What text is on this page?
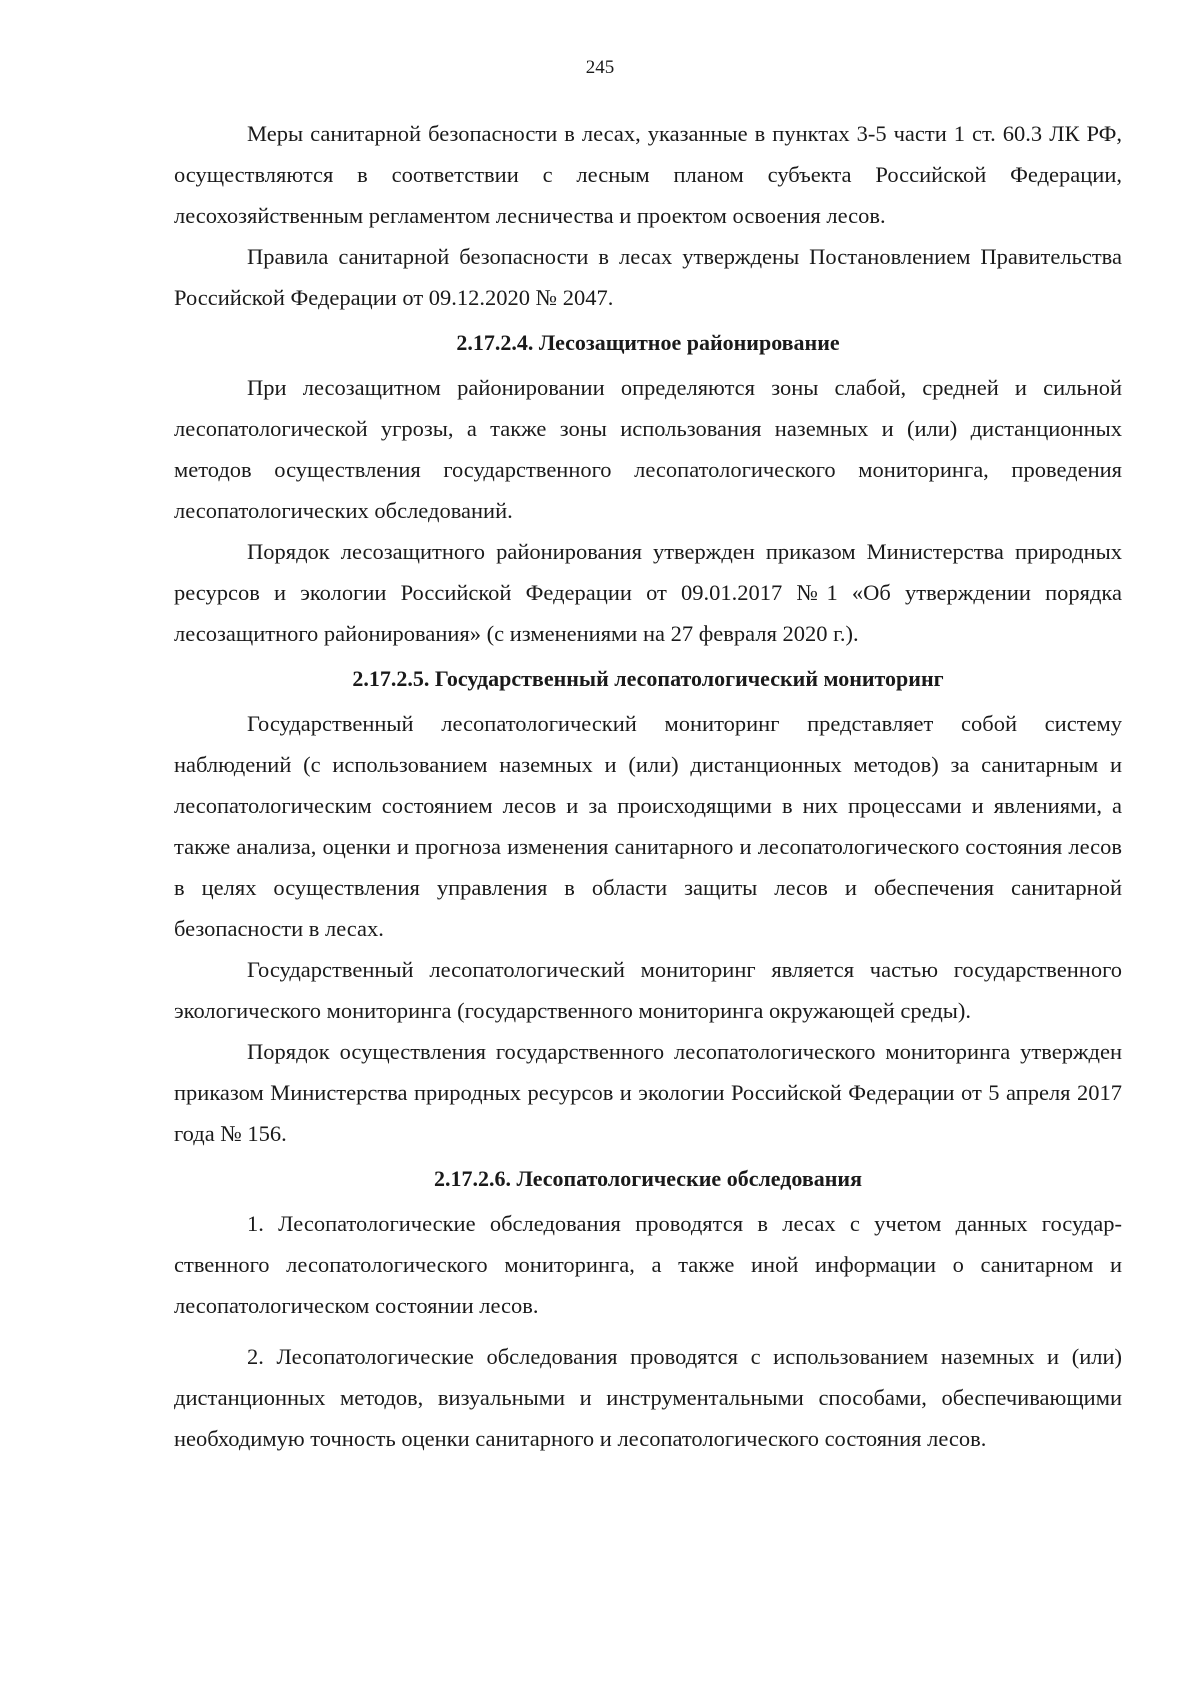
245

Меры санитарной безопасности в лесах, указанные в пунктах 3-5 части 1 ст. 60.3 ЛК РФ, осуществляются в соответствии с лесным планом субъекта Российской Федерации, лесохозяйственным регламентом лесничества и проектом освоения лесов.

Правила санитарной безопасности в лесах утверждены Постановлением Правительства Российской Федерации от 09.12.2020 № 2047.

2.17.2.4. Лесозащитное районирование

При лесозащитном районировании определяются зоны слабой, средней и сильной лесопатологической угрозы, а также зоны использования наземных и (или) дистанционных методов осуществления государственного лесопатологического мониторинга, проведения лесопатологических обследований.

Порядок лесозащитного районирования утвержден приказом Министерства природных ресурсов и экологии Российской Федерации от 09.01.2017 №1 «Об утверждении порядка лесозащитного районирования» (с изменениями на 27 февраля 2020 г.).

2.17.2.5. Государственный лесопатологический мониторинг

Государственный лесопатологический мониторинг представляет собой систему наблюдений (с использованием наземных и (или) дистанционных методов) за санитарным и лесопатологическим состоянием лесов и за происходящими в них процессами и явлениями, а также анализа, оценки и прогноза изменения санитарного и лесопатологического состояния лесов в целях осуществления управления в области защиты лесов и обеспечения санитарной безопасности в лесах.

Государственный лесопатологический мониторинг является частью государственного экологического мониторинга (государственного мониторинга окружающей среды).

Порядок осуществления государственного лесопатологического мониторинга утвержден приказом Министерства природных ресурсов и экологии Российской Федерации от 5 апреля 2017 года № 156.

2.17.2.6. Лесопатологические обследования

1. Лесопатологические обследования проводятся в лесах с учетом данных государственного лесопатологического мониторинга, а также иной информации о санитарном и лесопатологическом состоянии лесов.

2. Лесопатологические обследования проводятся с использованием наземных и (или) дистанционных методов, визуальными и инструментальными способами, обеспечивающими необходимую точность оценки санитарного и лесопатологического состояния лесов.
